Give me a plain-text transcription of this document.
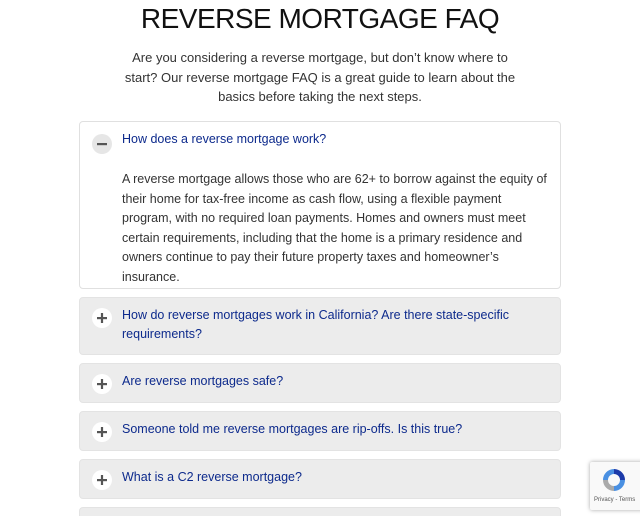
REVERSE MORTGAGE FAQ

Are you considering a reverse mortgage, but don’t know where to start? Our reverse mortgage FAQ is a great guide to learn about the basics before taking the next steps.

How does a reverse mortgage work?
A reverse mortgage allows those who are 62+ to borrow against the equity of their home for tax-free income as cash flow, using a flexible payment program, with no required loan payments. Homes and owners must meet certain requirements, including that the home is a primary residence and owners continue to pay their future property taxes and homeowner’s insurance.
How do reverse mortgages work in California? Are there state-specific requirements?
Are reverse mortgages safe?
Someone told me reverse mortgages are rip-offs. Is this true?
What is a C2 reverse mortgage?
Privacy - Terms
